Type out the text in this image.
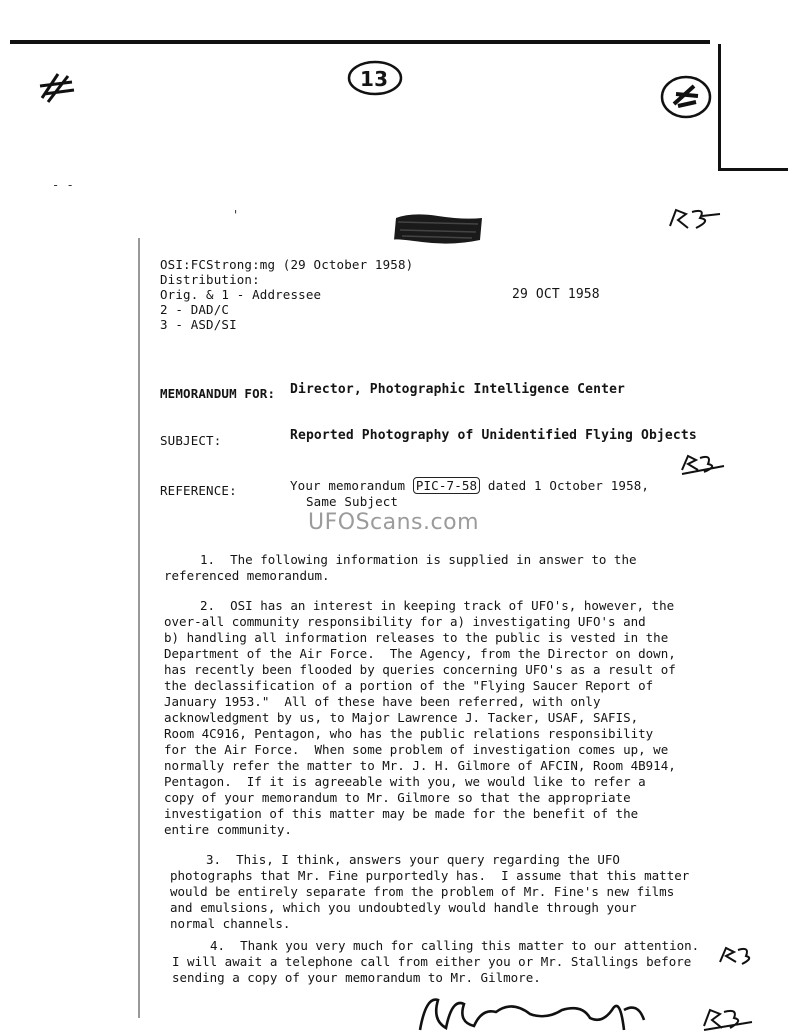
13
- -
'
OSI:FCStrong:mg (29 October 1958)
Distribution:
Orig. & 1 - Addressee
2 - DAD/C
3 - ASD/SI
29 OCT 1958
MEMORANDUM FOR: Director, Photographic Intelligence Center
SUBJECT:	Reported Photography of Unidentified Flying Objects
REFERENCE:	Your memorandum PIC-7-58 dated 1 October 1958,
Same Subject
UFOScans.com
1. The following information is supplied in answer to the
referenced memorandum.
2. OSI has an interest in keeping track of UFO's, however, the
over-all community responsibility for a) investigating UFO's and
b) handling all information releases to the public is vested in the
Department of the Air Force.  The Agency, from the Director on down,
has recently been flooded by queries concerning UFO's as a result of
the declassification of a portion of the "Flying Saucer Report of
January 1953."  All of these have been referred, with only
acknowledgment by us, to Major Lawrence J. Tacker, USAF, SAFIS,
Room 4C916, Pentagon, who has the public relations responsibility
for the Air Force.  When some problem of investigation comes up, we
normally refer the matter to Mr. J. H. Gilmore of AFCIN, Room 4B914,
Pentagon.  If it is agreeable with you, we would like to refer a
copy of your memorandum to Mr. Gilmore so that the appropriate
investigation of this matter may be made for the benefit of the
entire community.
3. This, I think, answers your query regarding the UFO
photographs that Mr. Fine purportedly has.  I assume that this matter
would be entirely separate from the problem of Mr. Fine's new films
and emulsions, which you undoubtedly would handle through your
normal channels.
4. Thank you very much for calling this matter to our attention.
I will await a telephone call from either you or Mr. Stallings before
sending a copy of your memorandum to Mr. Gilmore.
